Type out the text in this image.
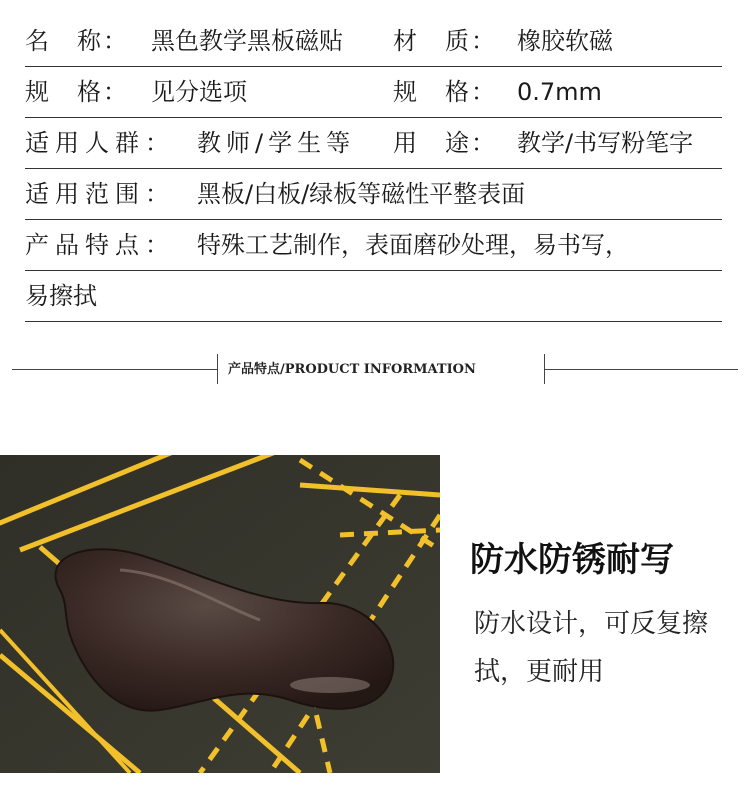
名　称： 黑色教学黑板磁贴 材　质： 橡胶软磁
规　格： 见分选项	规　格： 0.7mm
适用人群： 教师/学生等 用　途： 教学/书写粉笔字
适用范围： 黑板/白板/绿板等磁性平整表面
产品特点： 特殊工艺制作，表面磨砂处理，易书写，
易擦拭
产品特点/PRODUCT INFORMATION
防水防锈耐写
防水设计，可反复擦拭，更耐用
